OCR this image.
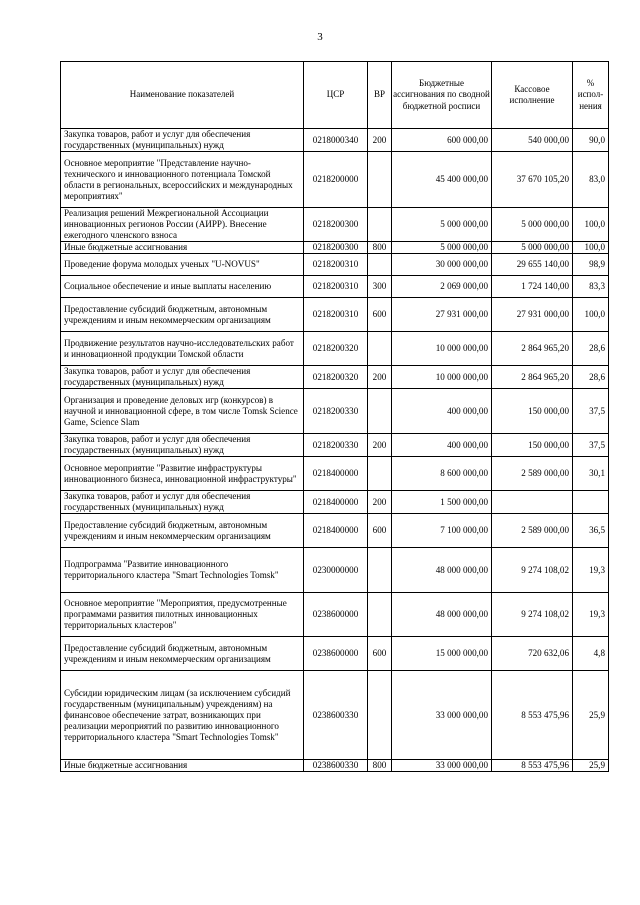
3
Наименование показателей	ЦСР	ВР	Бюджетные ассигнования по сводной бюджетной росписи	Кассовое исполнение	% испол-нения
Закупка товаров, работ и услуг для обеспечения государственных (муниципальных) нужд	0218000340	200	600 000,00	540 000,00	90,0
Основное мероприятие "Представление научно-технического и инновационного потенциала Томской области в региональных, всероссийских и международных мероприятиях"	0218200000		45 400 000,00	37 670 105,20	83,0
Реализация решений Межрегиональной Ассоциации инновационных регионов России (АИРР). Внесение ежегодного членского взноса	0218200300		5 000 000,00	5 000 000,00	100,0
Иные бюджетные ассигнования	0218200300	800	5 000 000,00	5 000 000,00	100,0
Проведение форума молодых ученых "U-NOVUS"	0218200310		30 000 000,00	29 655 140,00	98,9
Социальное обеспечение и иные выплаты населению	0218200310	300	2 069 000,00	1 724 140,00	83,3
Предоставление субсидий бюджетным, автономным учреждениям и иным некоммерческим организациям	0218200310	600	27 931 000,00	27 931 000,00	100,0
Продвижение результатов научно-исследовательских работ и инновационной продукции Томской области	0218200320		10 000 000,00	2 864 965,20	28,6
Закупка товаров, работ и услуг для обеспечения государственных (муниципальных) нужд	0218200320	200	10 000 000,00	2 864 965,20	28,6
Организация и проведение деловых игр (конкурсов) в научной и инновационной сфере, в том числе Tomsk Science Game, Science Slam	0218200330		400 000,00	150 000,00	37,5
Закупка товаров, работ и услуг для обеспечения государственных (муниципальных) нужд	0218200330	200	400 000,00	150 000,00	37,5
Основное мероприятие "Развитие инфраструктуры инновационного бизнеса, инновационной инфраструктуры"	0218400000		8 600 000,00	2 589 000,00	30,1
Закупка товаров, работ и услуг для обеспечения государственных (муниципальных) нужд	0218400000	200	1 500 000,00		
Предоставление субсидий бюджетным, автономным учреждениям и иным некоммерческим организациям	0218400000	600	7 100 000,00	2 589 000,00	36,5
Подпрограмма "Развитие инновационного территориального кластера "Smart Technologies Tomsk"	0230000000		48 000 000,00	9 274 108,02	19,3
Основное мероприятие "Мероприятия, предусмотренные программами развития пилотных инновационных территориальных кластеров"	0238600000		48 000 000,00	9 274 108,02	19,3
Предоставление субсидий бюджетным, автономным учреждениям и иным некоммерческим организациям	0238600000	600	15 000 000,00	720 632,06	4,8
Субсидии юридическим лицам (за исключением субсидий государственным (муниципальным) учреждениям) на финансовое обеспечение затрат, возникающих при реализации мероприятий по развитию инновационного территориального кластера "Smart Technologies Tomsk"	0238600330		33 000 000,00	8 553 475,96	25,9
Иные бюджетные ассигнования	0238600330	800	33 000 000,00	8 553 475,96	25,9
